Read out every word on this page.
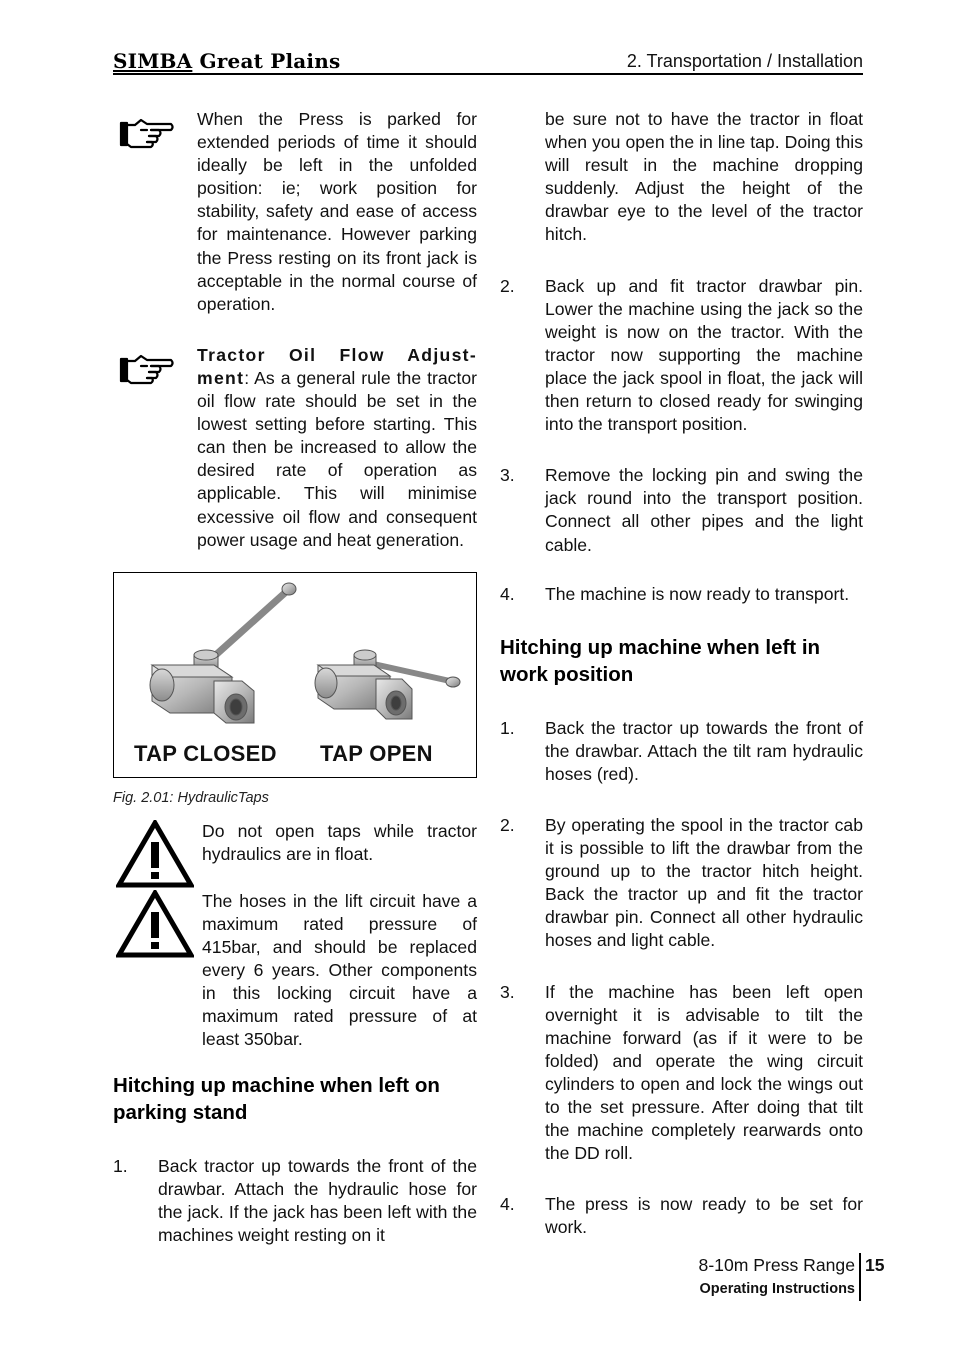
SIMBA Great Plains	2. Transportation / Installation
When the Press is parked for extended periods of time it should ideally be left in the unfolded position: ie; work position for stability, safety and ease of access for maintenance. However parking the Press resting on its front jack is acceptable in the normal course of operation.
Tractor Oil Flow Adjust-ment: As a general rule the tractor oil flow rate should be set in the lowest setting before starting. This can then be increased to allow the desired rate of operation as applicable. This will minimise excessive oil flow and consequent power usage and heat generation.
TAP CLOSED TAP OPEN
Fig. 2.01: HydraulicTaps
Do not open taps while tractor hydraulics are in float.
The hoses in the lift circuit have a maximum rated pressure of 415bar, and should be replaced every 6 years. Other components in this locking circuit have a maximum rated pressure of at least 350bar.
Hitching up machine when left on parking stand
1. Back tractor up towards the front of the drawbar. Attach the hydraulic hose for the jack. If the jack has been left with the machines weight resting on it
be sure not to have the tractor in float when you open the in line tap. Doing this will result in the machine dropping suddenly. Adjust the height of the drawbar eye to the level of the tractor hitch.
2. Back up and fit tractor drawbar pin. Lower the machine using the jack so the weight is now on the tractor. With the tractor now supporting the machine place the jack spool in float, the jack will then return to closed ready for swinging into the transport position.
3. Remove the locking pin and swing the jack round into the transport position. Connect all other pipes and the light cable.
4. The machine is now ready to transport.
Hitching up machine when left in work position
1. Back the tractor up towards the front of the drawbar. Attach the tilt ram hydraulic hoses (red).
2. By operating the spool in the tractor cab it is possible to lift the drawbar from the ground up to the tractor hitch height. Back the tractor up and fit the tractor drawbar pin. Connect all other hydraulic hoses and light cable.
3. If the machine has been left open overnight it is advisable to tilt the machine forward (as if it were to be folded) and operate the wing circuit cylinders to open and lock the wings out to the set pressure. After doing that tilt the machine completely rearwards onto the DD roll.
4. The press is now ready to be set for work.
8-10m Press Range
Operating Instructions
15
